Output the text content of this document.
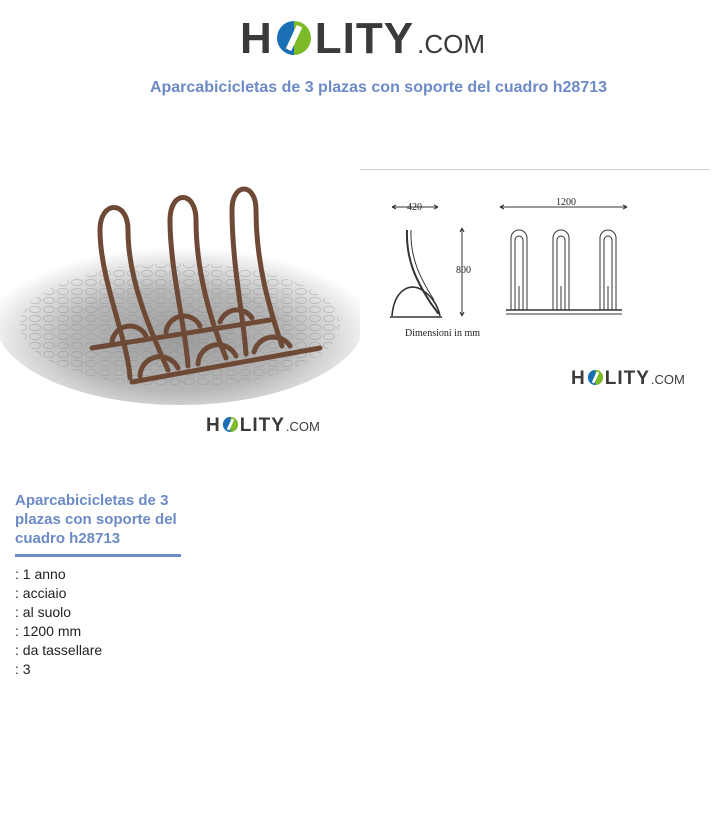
H LITY .COM
Aparcabicicletas de 3 plazas con soporte del cuadro h28713
H LITY .COM
420	1200
800
Dimensioni in mm
H LITY .COM
Aparcabicicletas de 3 plazas con soporte del cuadro h28713
: 1 anno
: acciaio
: al suolo
: 1200 mm
: da tassellare
: 3
